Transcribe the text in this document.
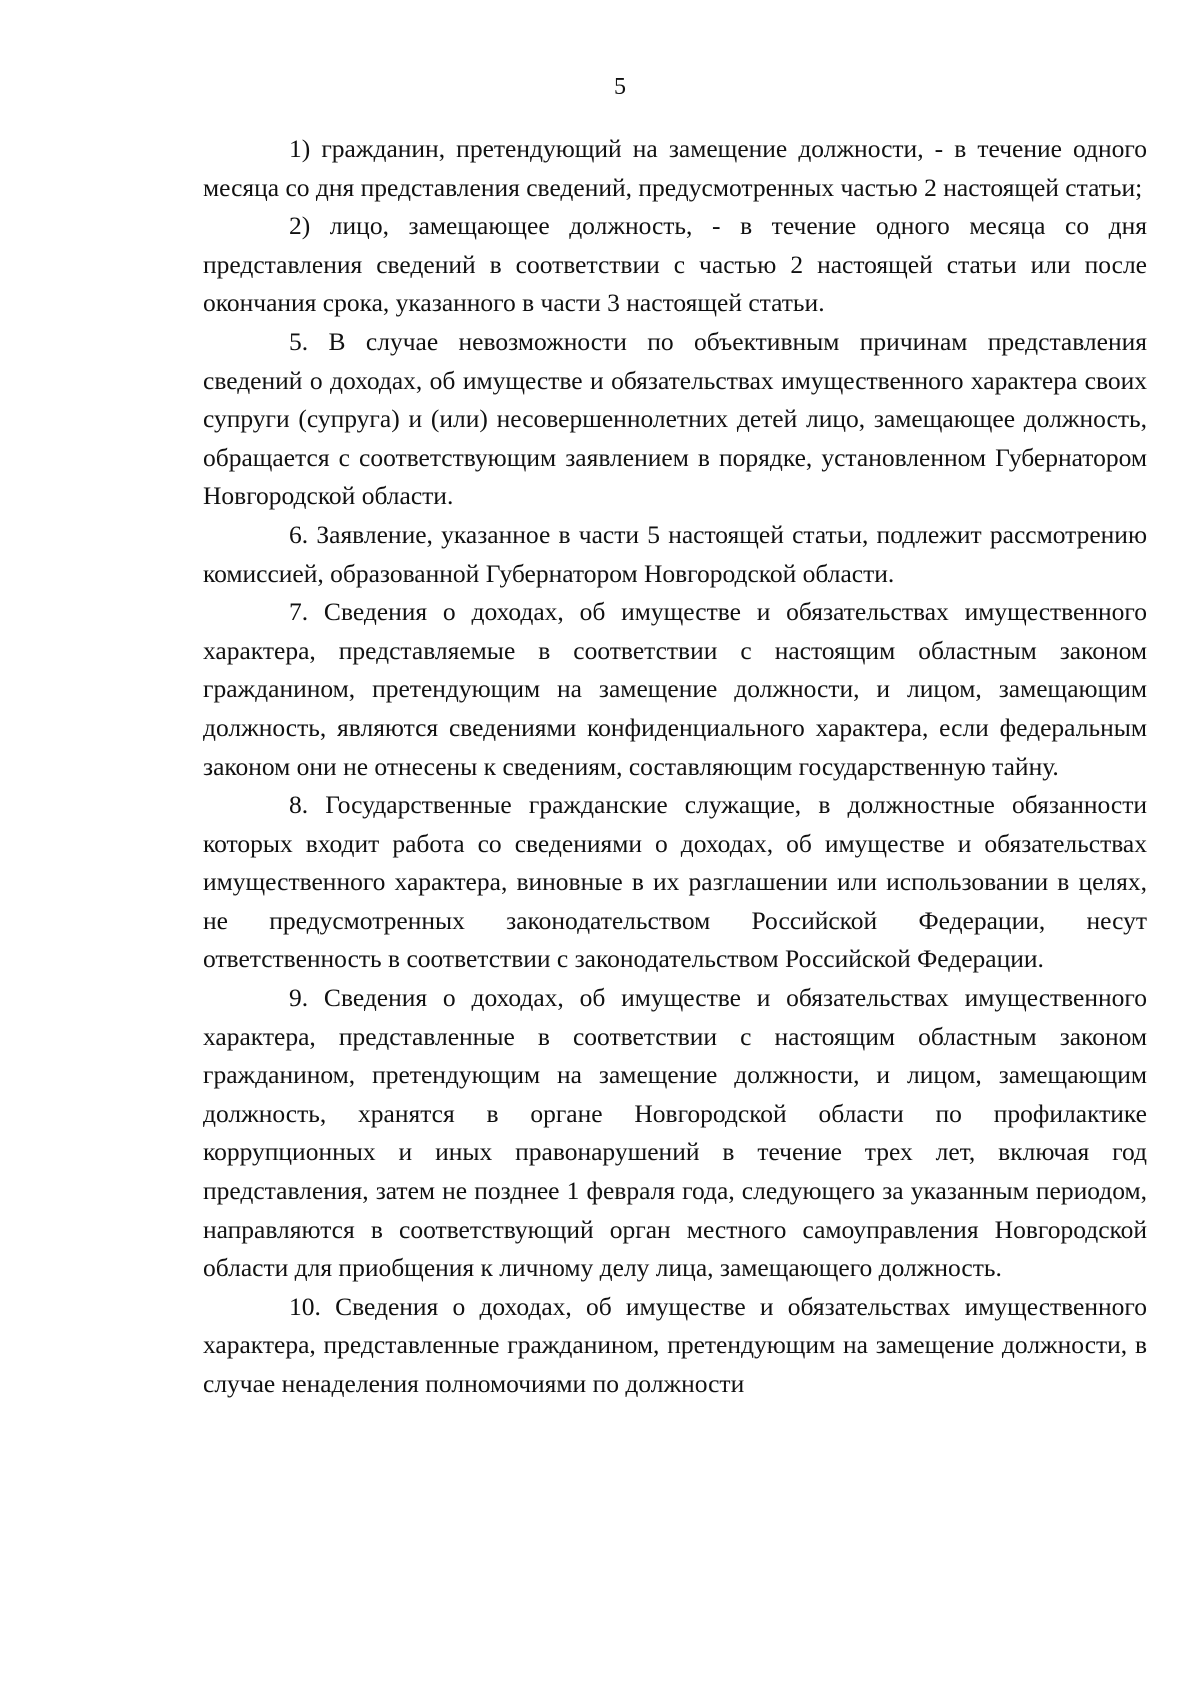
5

1) гражданин, претендующий на замещение должности, - в течение одного месяца со дня представления сведений, предусмотренных частью 2 настоящей статьи;

2) лицо, замещающее должность, - в течение одного месяца со дня представления сведений в соответствии с частью 2 настоящей статьи или после окончания срока, указанного в части 3 настоящей статьи.

5. В случае невозможности по объективным причинам представления сведений о доходах, об имуществе и обязательствах имущественного характера своих супруги (супруга) и (или) несовершеннолетних детей лицо, замещающее должность, обращается с соответствующим заявлением в порядке, установленном Губернатором Новгородской области.

6. Заявление, указанное в части 5 настоящей статьи, подлежит рассмотрению комиссией, образованной Губернатором Новгородской области.

7. Сведения о доходах, об имуществе и обязательствах имущественного характера, представляемые в соответствии с настоящим областным законом гражданином, претендующим на замещение должности, и лицом, замещающим должность, являются сведениями конфиденциального характера, если федеральным законом они не отнесены к сведениям, составляющим государственную тайну.

8. Государственные гражданские служащие, в должностные обязанности которых входит работа со сведениями о доходах, об имуществе и обязательствах имущественного характера, виновные в их разглашении или использовании в целях, не предусмотренных законодательством Российской Федерации, несут ответственность в соответствии с законодательством Российской Федерации.

9. Сведения о доходах, об имуществе и обязательствах имущественного характера, представленные в соответствии с настоящим областным законом гражданином, претендующим на замещение должности, и лицом, замещающим должность, хранятся в органе Новгородской области по профилактике коррупционных и иных правонарушений в течение трех лет, включая год представления, затем не позднее 1 февраля года, следующего за указанным периодом, направляются в соответствующий орган местного самоуправления Новгородской области для приобщения к личному делу лица, замещающего должность.

10. Сведения о доходах, об имуществе и обязательствах имущественного характера, представленные гражданином, претендующим на замещение должности, в случае ненаделения полномочиями по должности
